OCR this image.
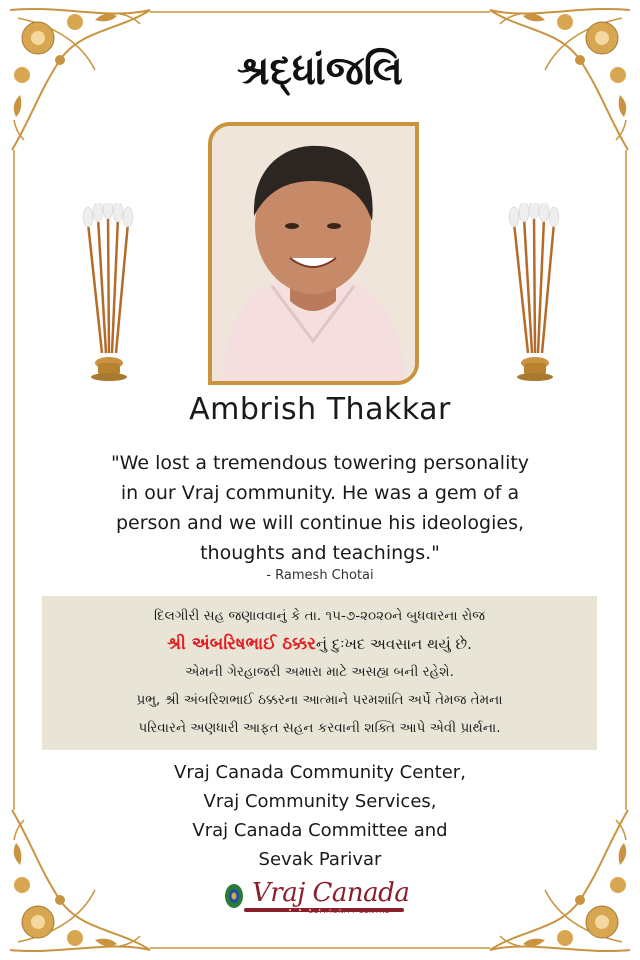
શ્રદ્ધાંજલિ
Ambrish Thakkar
"We lost a tremendous towering personality
in our Vraj community. He was a gem of a
person and we will continue his ideologies,
thoughts and teachings."
- Ramesh Chotai
દિલગીરી સહ જણાવવાનું કે તા. ૧૫-૭-૨૦૨૦ને બુધવારના રોજ
શ્રી અંબરિષભાઈ ઠક્કરનું દુઃખદ અવસાન થયું છે.
એમની ગેરહાજરી અમારા માટે અસહ્ય બની રહેશે.
પ્રભુ, શ્રી અંબરિશભાઈ ઠક્કરના આત્માને પરમશાંતિ અર્પે તેમજ તેમના
પરિવારને અણધારી આફત સહન કરવાની શક્તિ આપે એવી પ્રાર્થના.
Vraj Canada Community Center,
Vraj Community Services,
Vraj Canada Committee and
Sevak Parivar
Vraj Canada
COMMUNITY CENTRE
